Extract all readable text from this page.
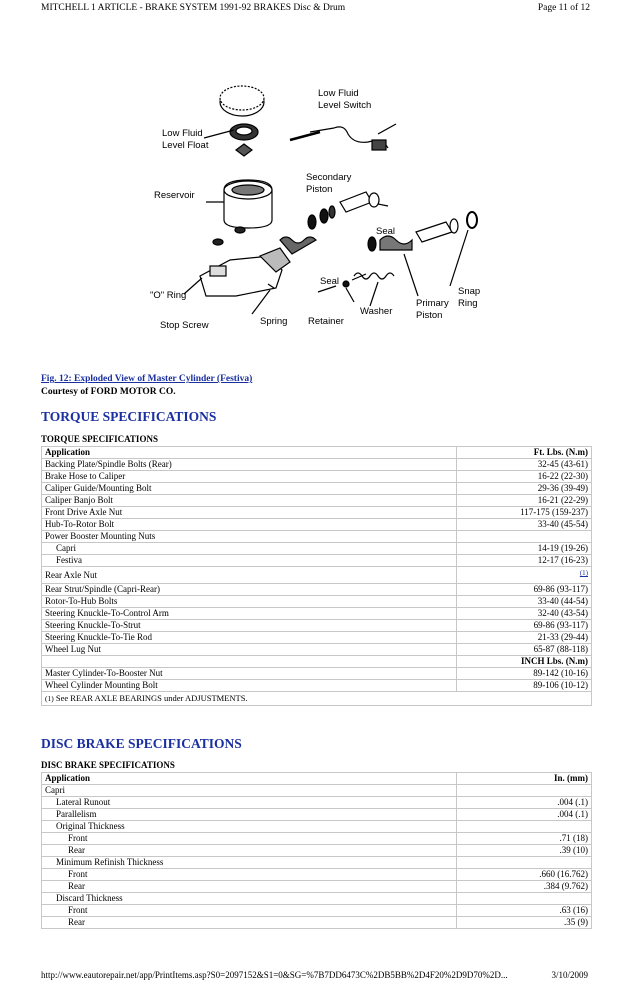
MITCHELL 1 ARTICLE - BRAKE SYSTEM 1991-92 BRAKES Disc & Drum	Page 11 of 12
Low Fluid
Level Switch
Low Fluid
Level Float
Secondary
Piston
Reservoir
Seal
Seal
"O" Ring	Snap
Ring
Primary
Piston
Washer
Spring Retainer
Stop Screw
Fig. 12: Exploded View of Master Cylinder (Festiva)
Courtesy of FORD MOTOR CO.
TORQUE SPECIFICATIONS
TORQUE SPECIFICATIONS
Application	Ft. Lbs. (N.m)
Backing Plate/Spindle Bolts (Rear)	32-45 (43-61)
Brake Hose to Caliper	16-22 (22-30)
Caliper Guide/Mounting Bolt	29-36 (39-49)
Caliper Banjo Bolt	16-21 (22-29)
Front Drive Axle Nut	117-175 (159-237)
Hub-To-Rotor Bolt	33-40 (45-54)
Power Booster Mounting Nuts	
Capri	14-19 (19-26)
Festiva	12-17 (16-23)
Rear Axle Nut	$^{(1)}$
Rear Strut/Spindle (Capri-Rear)	69-86 (93-117)
Rotor-To-Hub Bolts	33-40 (44-54)
Steering Knuckle-To-Control Arm	32-40 (43-54)
Steering Knuckle-To-Strut	69-86 (93-117)
Steering Knuckle-To-Tie Rod	21-33 (29-44)
Wheel Lug Nut	65-87 (88-118)
	INCH Lbs. (N.m)
Master Cylinder-To-Booster Nut	89-142 (10-16)
Wheel Cylinder Mounting Bolt	89-106 (10-12)
(1) See REAR AXLE BEARINGS under ADJUSTMENTS.	
DISC BRAKE SPECIFICATIONS
DISC BRAKE SPECIFICATIONS
Application	In. (mm)
Capri	
Lateral Runout	.004 (.1)
Parallelism	.004 (.1)
Original Thickness	
Front	.71 (18)
Rear	.39 (10)
Minimum Refinish Thickness	
Front	.660 (16.762)
Rear	.384 (9.762)
Discard Thickness	
Front	.63 (16)
Rear	.35 (9)
http://www.eautorepair.net/app/PrintItems.asp?S0=2097152&S1=0&SG=%7B7DD6473C%2DB5BB%2D4F20%2D9D70%2D...	3/10/2009
